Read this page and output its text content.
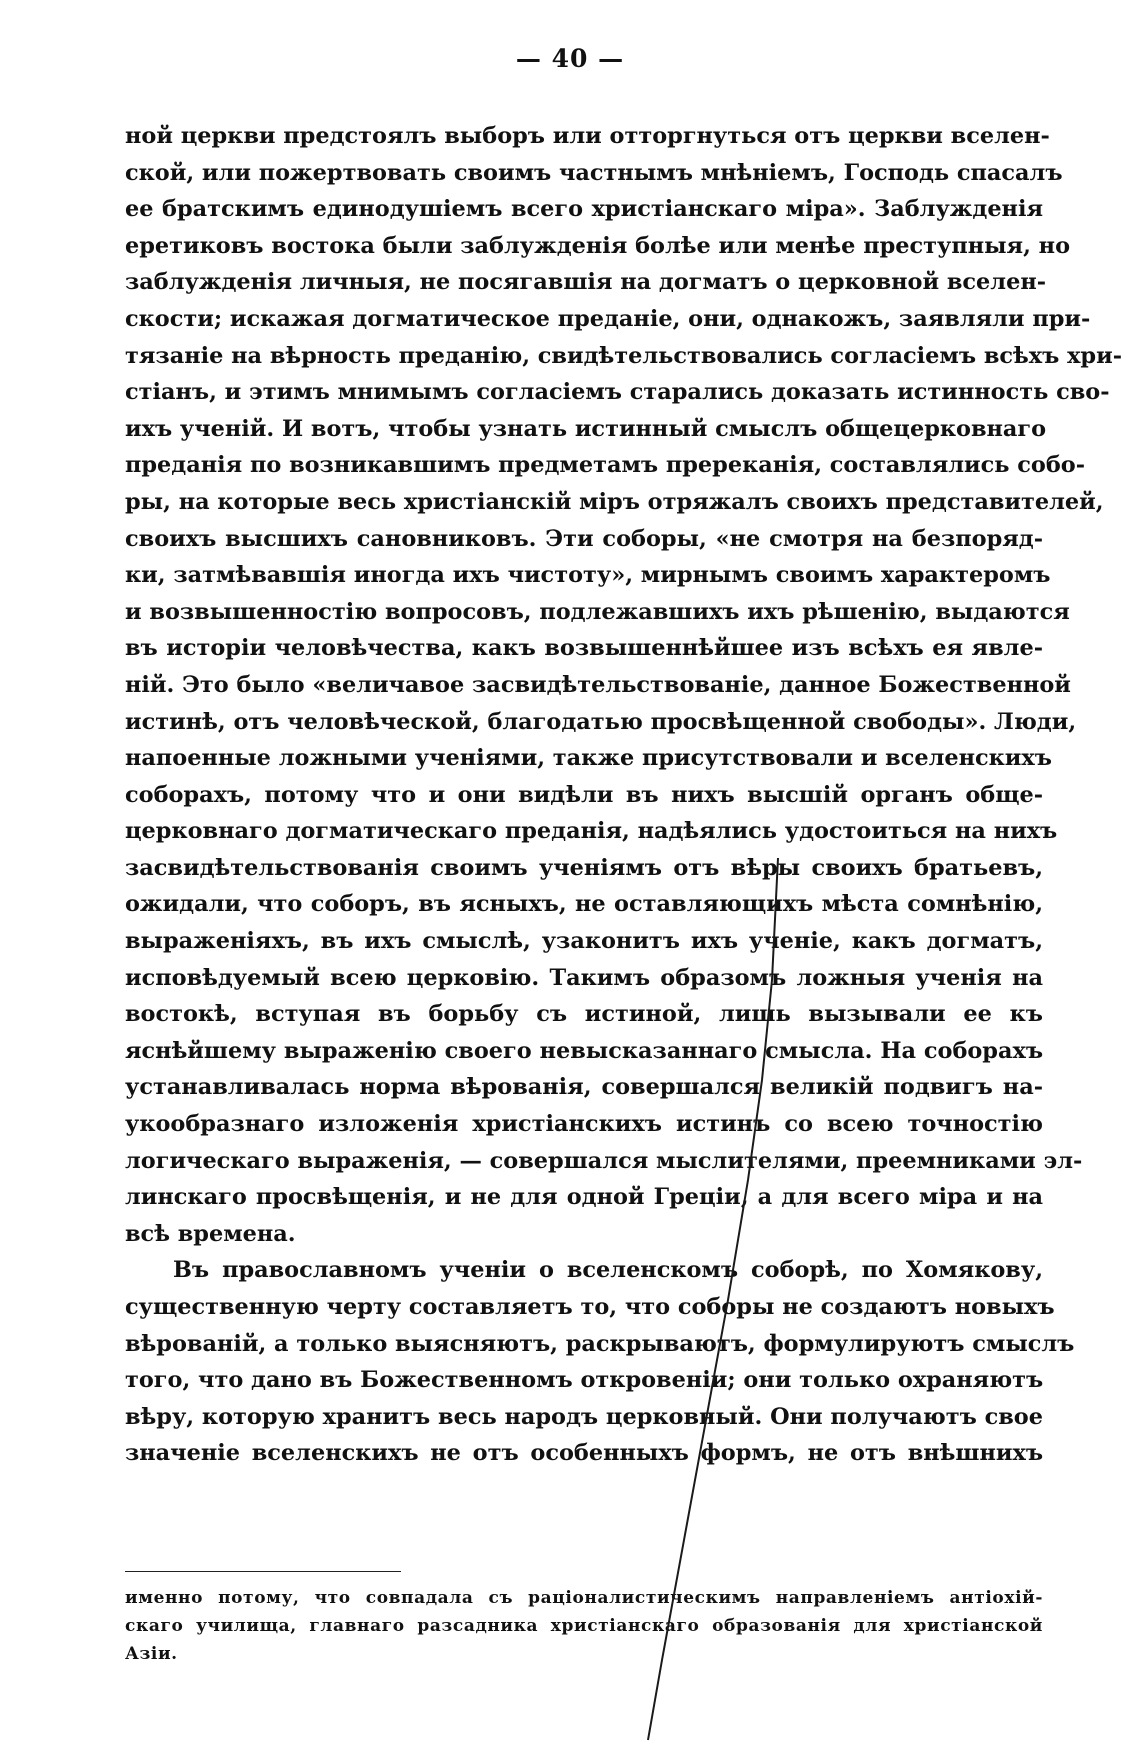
— 40 —
ной церкви предстоялъ выборъ или отторгнуться отъ церкви вселен-
ской, или пожертвовать своимъ частнымъ мнѣніемъ, Господь спасалъ
ее братскимъ единодушіемъ всего христіанскаго міра». Заблужденія
еретиковъ востока были заблужденія болѣе или менѣе преступныя, но
заблужденія личныя, не посягавшія на догматъ о церковной вселен-
скости; искажая догматическое преданіе, они, однакожъ, заявляли при-
тязаніе на вѣрность преданію, свидѣтельствовались согласіемъ всѣхъ хри-
стіанъ, и этимъ мнимымъ согласіемъ старались доказать истинность сво-
ихъ ученій. И вотъ, чтобы узнать истинный смыслъ общецерковнаго
преданія по возникавшимъ предметамъ пререканія, составлялись собо-
ры, на которые весь христіанскій міръ отряжалъ своихъ представителей,
своихъ высшихъ сановниковъ. Эти соборы, «не смотря на безпоряд-
ки, затмѣвавшія иногда ихъ чистоту», мирнымъ своимъ характеромъ
и возвышенностію вопросовъ, подлежавшихъ ихъ рѣшенію, выдаются
въ исторіи человѣчества, какъ возвышеннѣйшее изъ всѣхъ ея явле-
ній. Это было «величавое засвидѣтельствованіе, данное Божественной
истинѣ, отъ человѣческой, благодатью просвѣщенной свободы». Люди,
напоенные ложными ученіями, также присутствовали и вселенскихъ
соборахъ, потому что и они видѣли въ нихъ высшій органъ обще-
церковнаго догматическаго преданія, надѣялись удостоиться на нихъ
засвидѣтельствованія своимъ ученіямъ отъ вѣры своихъ братьевъ,
ожидали, что соборъ, въ ясныхъ, не оставляющихъ мѣста сомнѣнію,
выраженіяхъ, въ ихъ смыслѣ, узаконитъ ихъ ученіе, какъ догматъ,
исповѣдуемый всею церковію. Такимъ образомъ ложныя ученія на
востокѣ, вступая въ борьбу съ истиной, лишь вызывали ее къ
яснѣйшему выраженію своего невысказаннаго смысла. На соборахъ
устанавливалась норма вѣрованія, совершался великій подвигъ на-
укообразнаго изложенія христіанскихъ истинъ со всею точностію
логическаго выраженія, — совершался мыслителями, преемниками эл-
линскаго просвѣщенія, и не для одной Греціи, а для всего міра и на
всѣ времена.
Въ православномъ ученіи о вселенскомъ соборѣ, по Хомякову,
существенную черту составляетъ то, что соборы не создаютъ новыхъ
вѣрованій, а только выясняютъ, раскрываютъ, формулируютъ смыслъ
того, что дано въ Божественномъ откровеніи; они только охраняютъ
вѣру, которую хранитъ весь народъ церковный. Они получаютъ свое
значеніе вселенскихъ не отъ особенныхъ формъ, не отъ внѣшнихъ
именно потому, что совпадала съ раціоналистическимъ направленіемъ антіохій-
скаго училища, главнаго разсадника христіанскаго образованія для христіанской
Азіи.
